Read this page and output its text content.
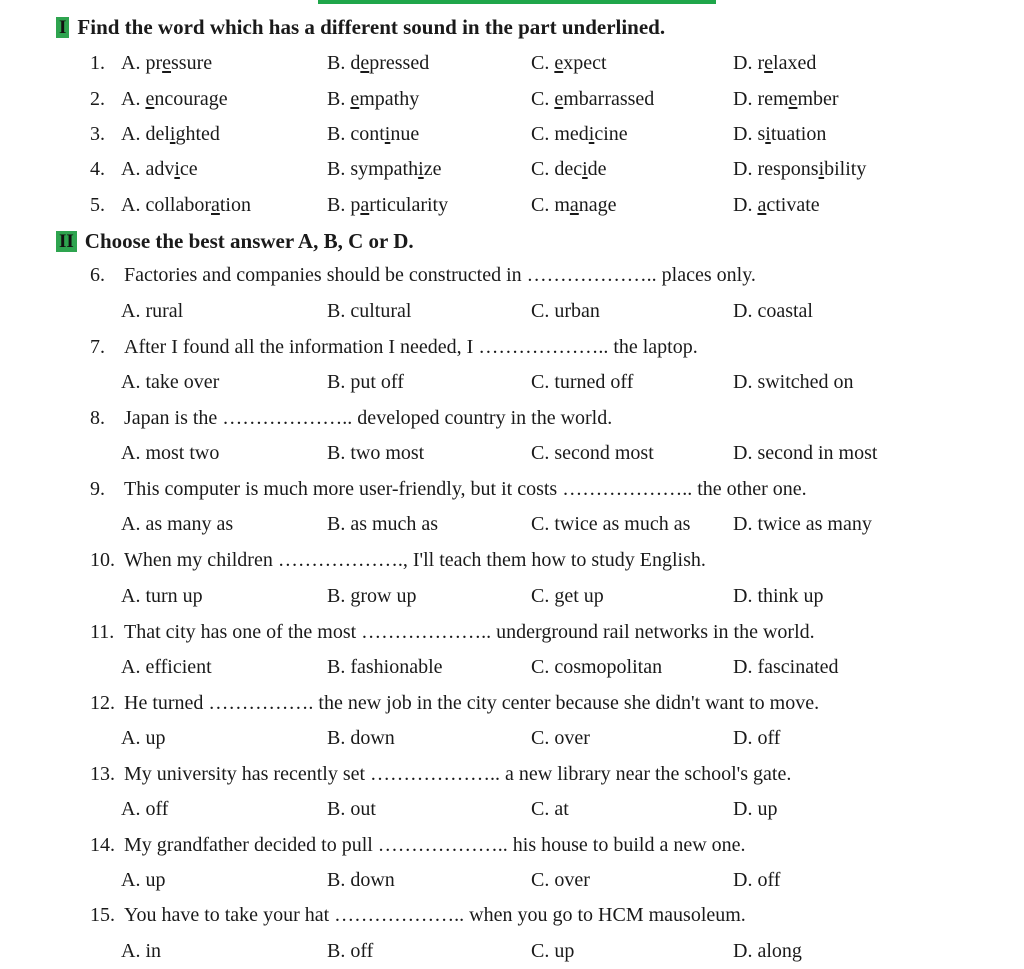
I Find the word which has a different sound in the part underlined.
1. A. pressure	B. depressed	C. expect	D. relaxed
2. A. encourage	B. empathy	C. embarrassed	D. remember
3. A. delighted	B. continue	C. medicine	D. situation
4. A. advice	B. sympathize	C. decide	D. responsibility
5. A. collaboration	B. particularity	C. manage	D. activate
II Choose the best answer A, B, C or D.
6. Factories and companies should be constructed in ……………….. places only.
A. rural	B. cultural	C. urban	D. coastal
7. After I found all the information I needed, I ……………….. the laptop.
A. take over	B. put off	C. turned off	D. switched on
8. Japan is the ……………….. developed country in the world.
A. most two	B. two most	C. second most	D. second in most
9. This computer is much more user-friendly, but it costs ……………….. the other one.
A. as many as	B. as much as	C. twice as much as D. twice as many
10. When my children ………………., I'll teach them how to study English.
A. turn up	B. grow up	C. get up	D. think up
11. That city has one of the most ……………….. underground rail networks in the world.
A. efficient	B. fashionable	C. cosmopolitan	D. fascinated
12. He turned ……………. the new job in the city center because she didn't want to move.
A. up	B. down	C. over	D. off
13. My university has recently set ……………….. a new library near the school's gate.
A. off	B. out	C. at	D. up
14. My grandfather decided to pull ……………….. his house to build a new one.
A. up	B. down	C. over	D. off
15. You have to take your hat ……………….. when you go to HCM mausoleum.
A. in	B. off	C. up	D. along
